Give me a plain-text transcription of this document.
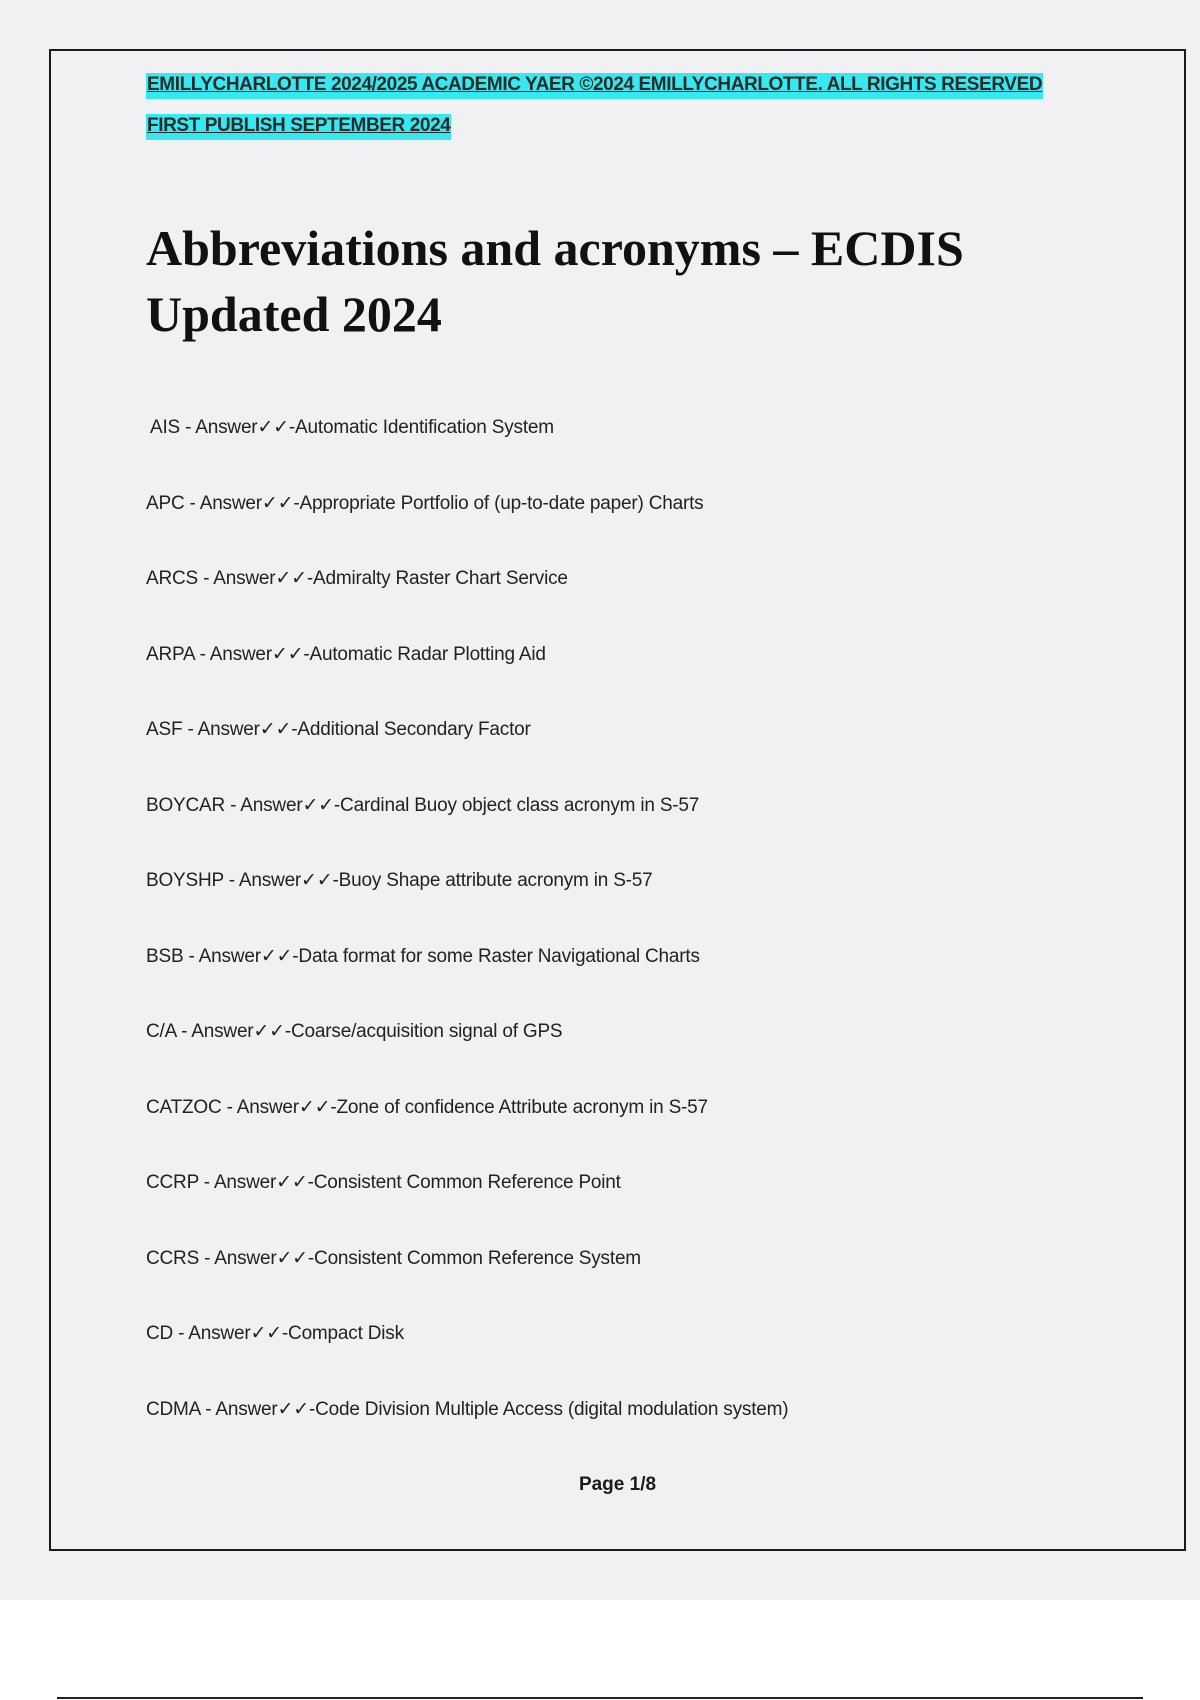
EMILLYCHARLOTTE 2024/2025 ACADEMIC YAER ©2024 EMILLYCHARLOTTE. ALL RIGHTS RESERVED
FIRST PUBLISH SEPTEMBER 2024
Abbreviations and acronyms – ECDIS
Updated 2024
AIS - Answer✓✓-Automatic Identification System
APC - Answer✓✓-Appropriate Portfolio of (up-to-date paper) Charts
ARCS - Answer✓✓-Admiralty Raster Chart Service
ARPA - Answer✓✓-Automatic Radar Plotting Aid
ASF - Answer✓✓-Additional Secondary Factor
BOYCAR - Answer✓✓-Cardinal Buoy object class acronym in S-57
BOYSHP - Answer✓✓-Buoy Shape attribute acronym in S-57
BSB - Answer✓✓-Data format for some Raster Navigational Charts
C/A - Answer✓✓-Coarse/acquisition signal of GPS
CATZOC - Answer✓✓-Zone of confidence Attribute acronym in S-57
CCRP - Answer✓✓-Consistent Common Reference Point
CCRS - Answer✓✓-Consistent Common Reference System
CD - Answer✓✓-Compact Disk
CDMA - Answer✓✓-Code Division Multiple Access (digital modulation system)
Page 1/8
